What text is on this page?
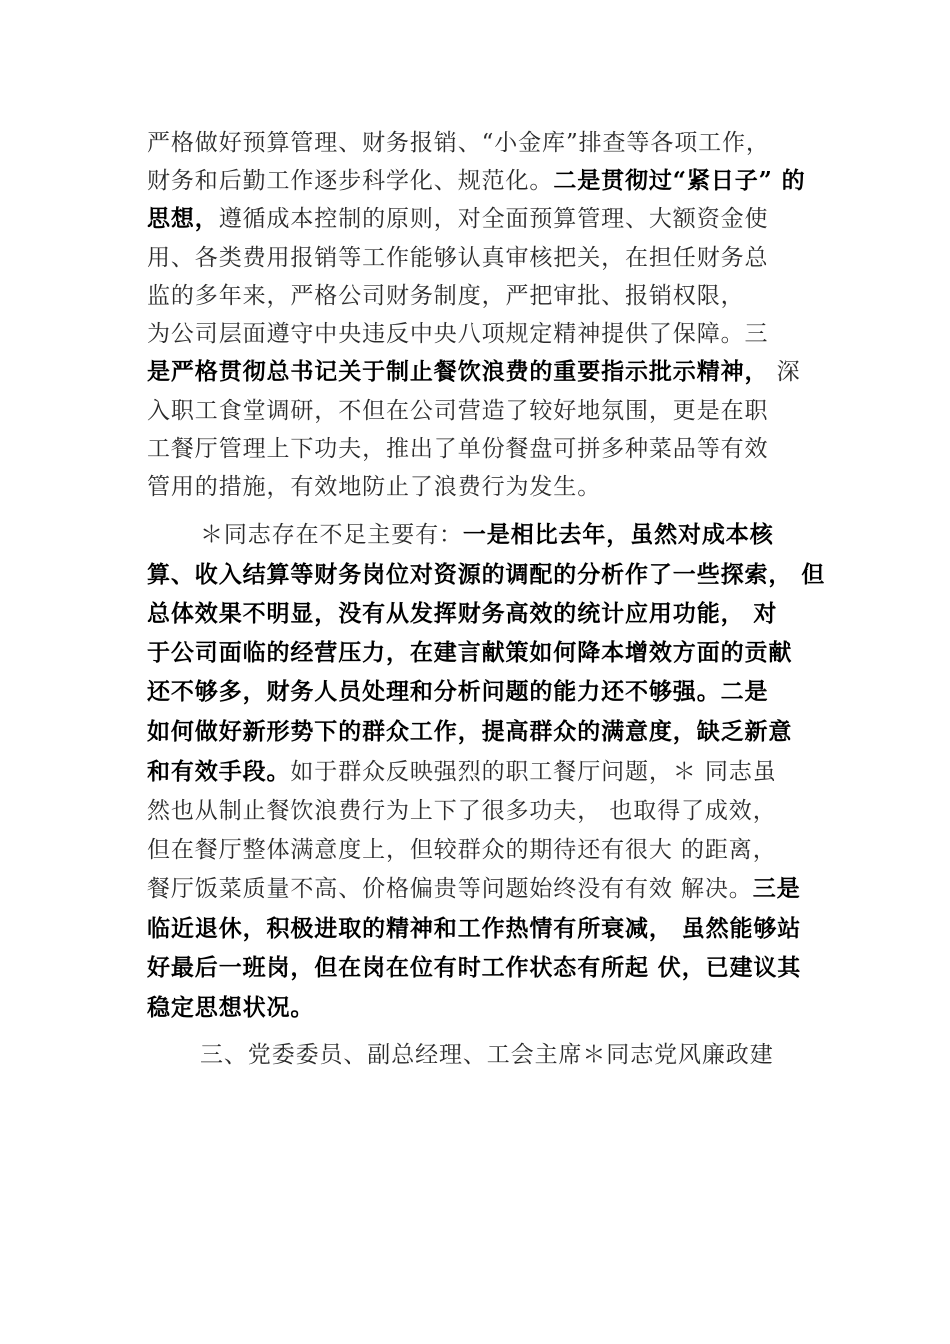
严格做好预算管理、财务报销、“小金库”排查等各项工作，
财务和后勤工作逐步科学化、规范化。二是贯彻过“紧日子” 的
思想，遵循成本控制的原则，对全面预算管理、大额资金使
用、各类费用报销等工作能够认真审核把关，在担任财务总
监的多年来，严格公司财务制度，严把审批、报销权限，
为公司层面遵守中央违反中央八项规定精神提供了保障。三
是严格贯彻总书记关于制止餐饮浪费的重要指示批示精神， 深
入职工食堂调研，不但在公司营造了较好地氛围，更是在职
工餐厅管理上下功夫，推出了单份餐盘可拼多种菜品等有效
管用的措施，有效地防止了浪费行为发生。
＊同志存在不足主要有：一是相比去年，虽然对成本核
算、收入结算等财务岗位对资源的调配的分析作了一些探索， 但
总体效果不明显，没有从发挥财务高效的统计应用功能， 对
于公司面临的经营压力，在建言献策如何降本增效方面的贡献
还不够多，财务人员处理和分析问题的能力还不够强。二是
如何做好新形势下的群众工作，提高群众的满意度，缺乏新意
和有效手段。如于群众反映强烈的职工餐厅问题，＊ 同志虽
然也从制止餐饮浪费行为上下了很多功夫， 也取得了成效，
但在餐厅整体满意度上，但较群众的期待还有很大 的距离，
餐厅饭菜质量不高、价格偏贵等问题始终没有有效 解决。三是
临近退休，积极进取的精神和工作热情有所衰减， 虽然能够站
好最后一班岗，但在岗在位有时工作状态有所起 伏，已建议其
稳定思想状况。
三、党委委员、副总经理、工会主席＊同志党风廉政建
